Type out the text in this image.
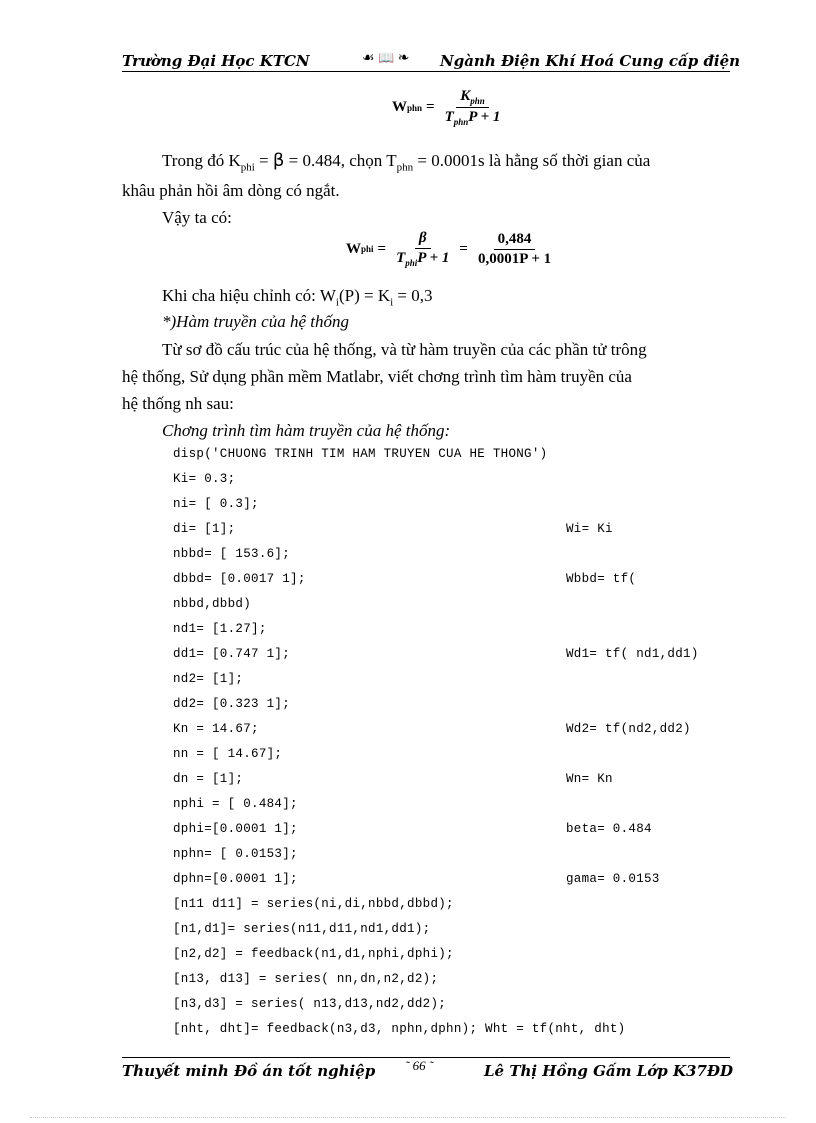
Trường Đại Học KTCN	☙ 📖 ❧ Ngành Điện Khí Hoá Cung cấp điện
W phn = $\frac{K_{phn}}{T_{phn}P + 1}$
Trong đó $K_{phi} = \beta = 0.484$, chọn $T_{phn} = 0.0001s$ là hằng số thời gian của
khâu phản hồi âm dòng có ngắt.
Vậy ta có:
W phi = $\frac{\beta}{T_{phi}P + 1} = \frac{0,484}{0,0001P + 1}$
Khi cha hiệu chỉnh có: $W_i(P) = K_i = 0,3$
*)Hàm truyền của hệ thống
Từ sơ đồ cấu trúc của hệ thống, và từ hàm truyền của các phần tử trông
hệ thống, Sử dụng phần mềm Matlabr, viết chơng trình tìm hàm truyền của
hệ thống nh sau:
Chơng trình tìm hàm truyền của hệ thống:
disp('CHUONG TRINH TIM HAM TRUYEN CUA HE THONG')
Ki= 0.3;
ni= [ 0.3];
di= [1];	Wi= Ki
nbbd= [ 153.6];
dbbd= [0.0017 1];	Wbbd= tf(
nbbd,dbbd)
nd1= [1.27];
dd1= [0.747 1];	Wd1= tf( nd1,dd1)
nd2= [1];
dd2= [0.323 1];
Kn = 14.67;	Wd2= tf(nd2,dd2)
nn = [ 14.67];
dn = [1];	Wn= Kn
nphi = [ 0.484];
dphi=[0.0001 1];	beta= 0.484
nphn= [ 0.0153];
dphn=[0.0001 1];	gama= 0.0153
[n11 d11] = series(ni,di,nbbd,dbbd);
[n1,d1]= series(n11,d11,nd1,dd1);
[n2,d2] = feedback(n1,d1,nphi,dphi);
[n13, d13] = series( nn,dn,n2,d2);
[n3,d3] = series( n13,d13,nd2,dd2);
[nht, dht]= feedback(n3,d3, nphn,dphn); Wht = tf(nht, dht)
Thuyết minh Đồ án tốt nghiệp ˜ 66 ˜	Lê Thị Hồng Gấm Lớp K37ĐD
